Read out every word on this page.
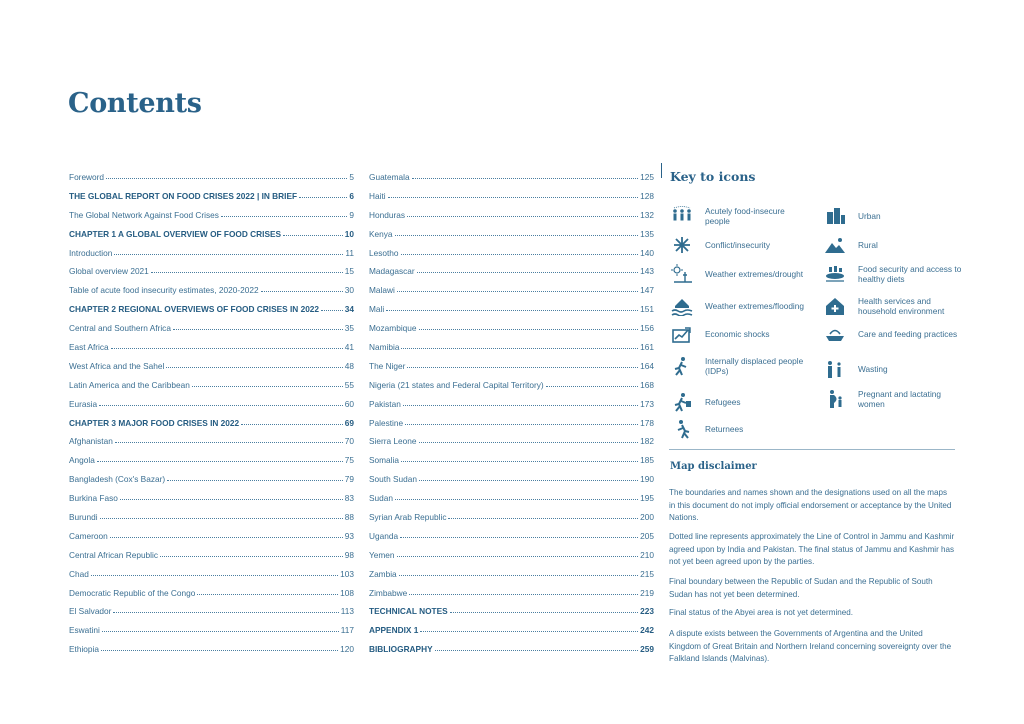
Contents
Foreword	5
THE GLOBAL REPORT ON FOOD CRISES 2022 | IN BRIEF	6
The Global Network Against Food Crises	9
CHAPTER 1 A GLOBAL OVERVIEW OF FOOD CRISES	10
Introduction	11
Global overview 2021	15
Table of acute food insecurity estimates, 2020-2022	30
CHAPTER 2 REGIONAL OVERVIEWS OF FOOD CRISES IN 2022	34
Central and Southern Africa	35
East Africa	41
West Africa and the Sahel	48
Latin America and the Caribbean	55
Eurasia	60
CHAPTER 3 MAJOR FOOD CRISES IN 2022	69
Afghanistan	70
Angola	75
Bangladesh (Cox's Bazar)	79
Burkina Faso	83
Burundi	88
Cameroon	93
Central African Republic	98
Chad	103
Democratic Republic of the Congo	108
El Salvador	113
Eswatini	117
Ethiopia	120
Guatemala	125
Haiti	128
Honduras	132
Kenya	135
Lesotho	140
Madagascar	143
Malawi	147
Mali	151
Mozambique	156
Namibia	161
The Niger	164
Nigeria (21 states and Federal Capital Territory)	168
Pakistan	173
Palestine	178
Sierra Leone	182
Somalia	185
South Sudan	190
Sudan	195
Syrian Arab Republic	200
Uganda	205
Yemen	210
Zambia	215
Zimbabwe	219
TECHNICAL NOTES	223
APPENDIX 1	242
BIBLIOGRAPHY	259
Key to icons
Acutely food-insecure people	Urban
Conflict/insecurity	Rural
Weather extremes/drought	Food security and access to healthy diets
Weather extremes/flooding	Health services and household environment
Economic shocks	Care and feeding practices
Internally displaced people (IDPs)	Wasting
Refugees
Pregnant and lactating women
Returnees
Map disclaimer

The boundaries and names shown and the designations used on all the maps in this document do not imply official endorsement or acceptance by the United Nations.

Dotted line represents approximately the Line of Control in Jammu and Kashmir agreed upon by India and Pakistan. The final status of Jammu and Kashmir has not yet been agreed upon by the parties.

Final boundary between the Republic of Sudan and the Republic of South Sudan has not yet been determined.

Final status of the Abyei area is not yet determined.

A dispute exists between the Governments of Argentina and the United Kingdom of Great Britain and Northern Ireland concerning sovereignty over the Falkland Islands (Malvinas).
